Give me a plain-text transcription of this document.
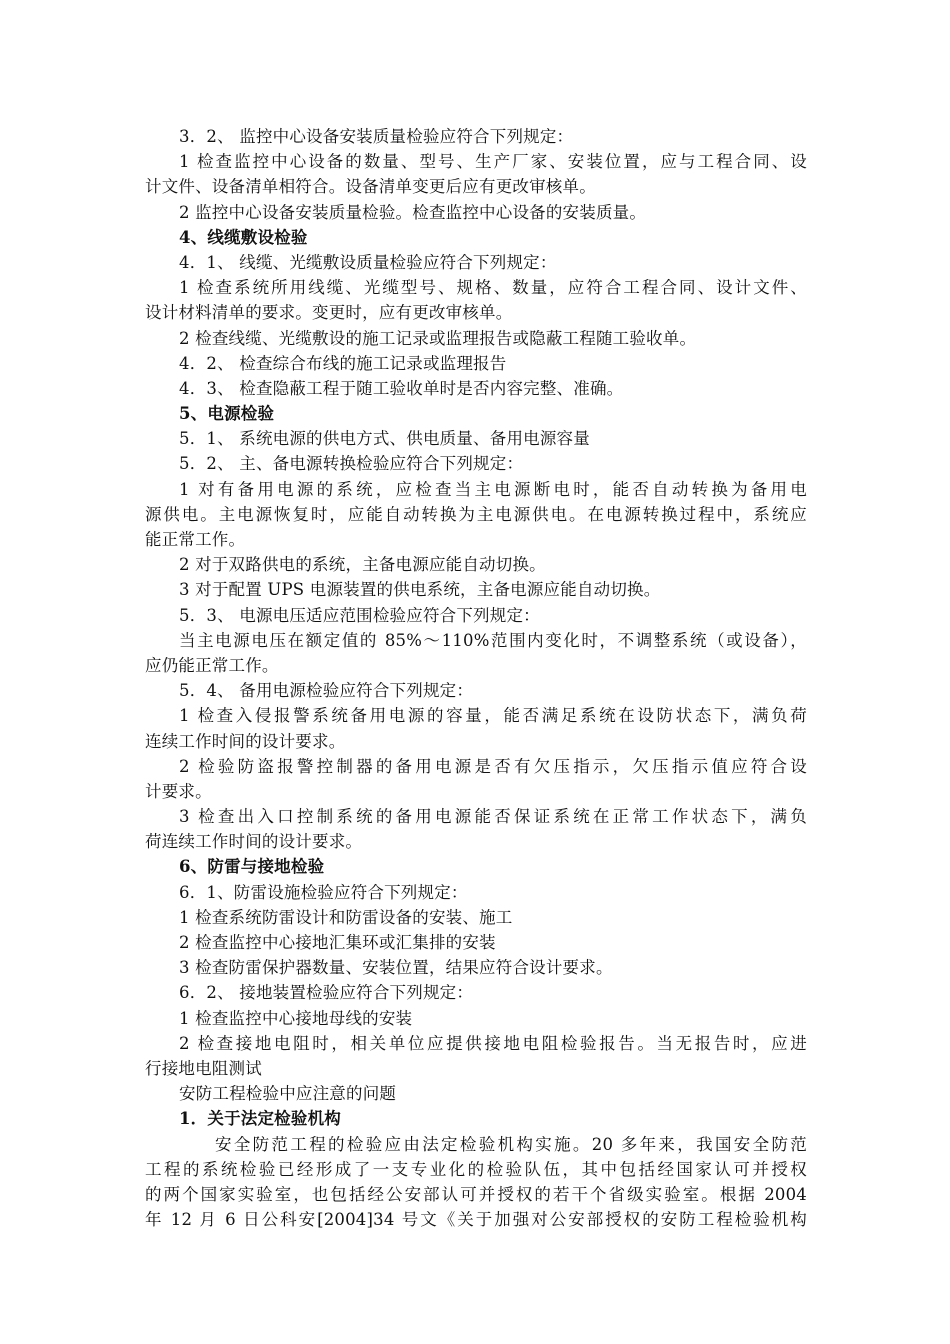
3．2、 监控中心设备安装质量检验应符合下列规定：
1 检查监控中心设备的数量、型号、生产厂家、安装位置，应与工程合同、设
计文件、设备清单相符合。设备清单变更后应有更改审核单。
2 监控中心设备安装质量检验。检查监控中心设备的安装质量。
4、线缆敷设检验
4．1、 线缆、光缆敷设质量检验应符合下列规定：
1 检查系统所用线缆、光缆型号、规格、数量，应符合工程合同、设计文件、
设计材料清单的要求。变更时，应有更改审核单。
2 检查线缆、光缆敷设的施工记录或监理报告或隐蔽工程随工验收单。
4．2、 检查综合布线的施工记录或监理报告
4．3、 检查隐蔽工程于随工验收单时是否内容完整、准确。
5、电源检验
5．1、 系统电源的供电方式、供电质量、备用电源容量
5．2、 主、备电源转换检验应符合下列规定：
1 对有备用电源的系统，应检查当主电源断电时，能否自动转换为备用电
源供电。主电源恢复时，应能自动转换为主电源供电。在电源转换过程中，系统应
能正常工作。
2 对于双路供电的系统，主备电源应能自动切换。
3 对于配置 UPS 电源装置的供电系统，主备电源应能自动切换。
5．3、 电源电压适应范围检验应符合下列规定：
当主电源电压在额定值的 85%～110%范围内变化时，不调整系统（或设备），
应仍能正常工作。
5．4、 备用电源检验应符合下列规定：
1 检查入侵报警系统备用电源的容量，能否满足系统在设防状态下，满负荷
连续工作时间的设计要求。
2 检验防盗报警控制器的备用电源是否有欠压指示，欠压指示值应符合设
计要求。
3 检查出入口控制系统的备用电源能否保证系统在正常工作状态下，满负
荷连续工作时间的设计要求。
6、防雷与接地检验
6．1、防雷设施检验应符合下列规定：
1 检查系统防雷设计和防雷设备的安装、施工
2 检查监控中心接地汇集环或汇集排的安装
3 检查防雷保护器数量、安装位置，结果应符合设计要求。
6．2、 接地装置检验应符合下列规定：
1 检查监控中心接地母线的安装
2 检查接地电阻时，相关单位应提供接地电阻检验报告。当无报告时，应进
行接地电阻测试
安防工程检验中应注意的问题
1．关于法定检验机构
安全防范工程的检验应由法定检验机构实施。20 多年来，我国安全防范
工程的系统检验已经形成了一支专业化的检验队伍，其中包括经国家认可并授权
的两个国家实验室，也包括经公安部认可并授权的若干个省级实验室。根据 2004
年 12 月 6 日公科安[2004]34 号文《关于加强对公安部授权的安防工程检验机构
